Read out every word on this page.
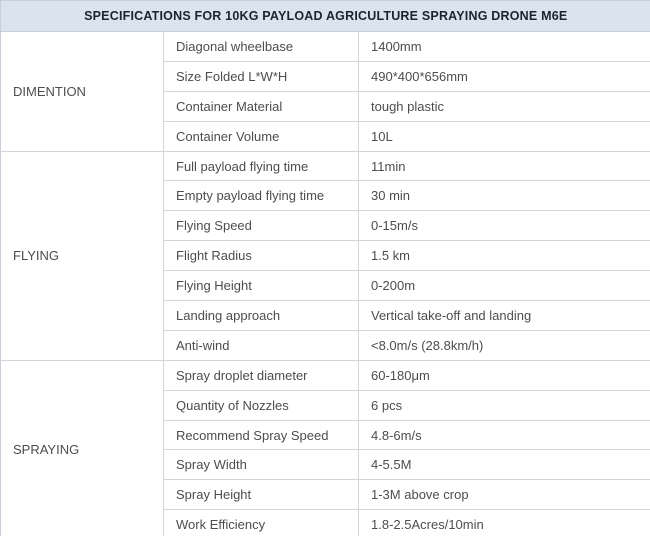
SPECIFICATIONS FOR 10KG PAYLOAD AGRICULTURE SPRAYING DRONE M6E		
DIMENTION	Diagonal wheelbase	1400mm
	Size Folded L*W*H	490*400*656mm
	Container Material	tough plastic
	Container Volume	10L
FLYING	Full payload flying time	11min
	Empty payload flying time	30 min
	Flying Speed	0-15m/s
	Flight Radius	1.5 km
	Flying Height	0-200m
	Landing approach	Vertical take-off and landing
	Anti-wind	<8.0m/s (28.8km/h)
SPRAYING	Spray droplet diameter	60-180μm
	Quantity of Nozzles	6 pcs
	Recommend Spray Speed	4.8-6m/s
	Spray Width	4-5.5M
	Spray Height	1-3M above crop
	Work Efficiency	1.8-2.5Acres/10min
